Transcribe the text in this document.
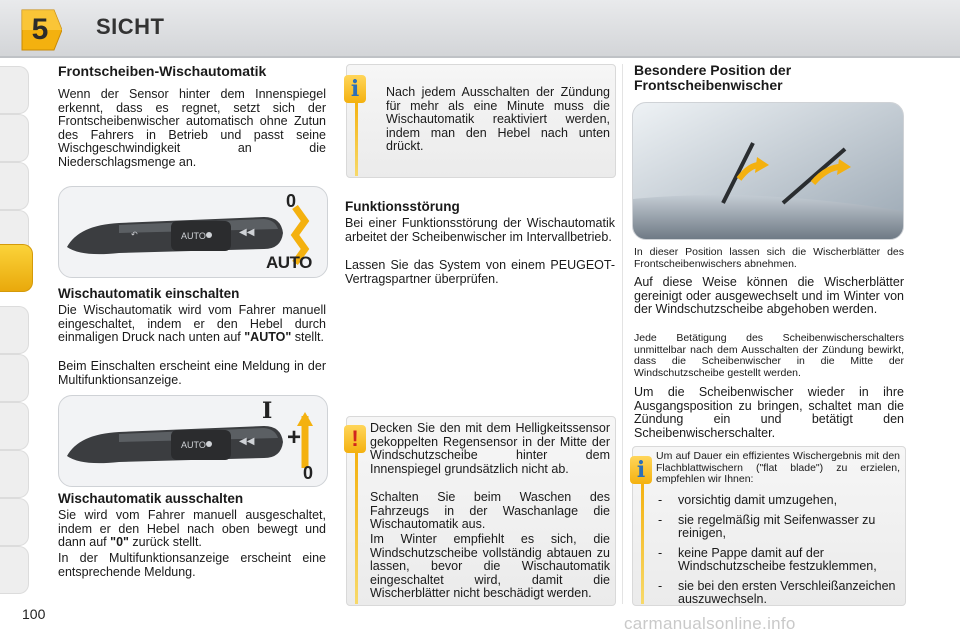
5	SICHT
Frontscheiben-Wischautomatik
Wenn der Sensor hinter dem Innenspiegel erkennt, dass es regnet, setzt sich der Frontscheibenwischer automatisch ohne Zutun des Fahrers in Betrieb und passt seine Wischgeschwindigkeit an die Niederschlagsmenge an.
AUTO
↶	◀◀
0
AUTO
Wischautomatik einschalten
Die Wischautomatik wird vom Fahrer manuell eingeschaltet, indem er den Hebel durch einmaligen Druck nach unten auf "AUTO" stellt.
Beim Einschalten erscheint eine Meldung in der Multifunktionsanzeige.
AUTO	◀◀
I
+
0
Wischautomatik ausschalten
Sie wird vom Fahrer manuell ausgeschaltet, indem er den Hebel nach oben bewegt und dann auf "0" zurück stellt.
In der Multifunktionsanzeige erscheint eine entsprechende Meldung.
i	Nach jedem Ausschalten der Zündung für mehr als eine Minute muss die Wischautomatik reaktiviert werden, indem man den Hebel nach unten drückt.
Funktionsstörung
Bei einer Funktionsstörung der Wischautomatik arbeitet der Scheibenwischer im Intervallbetrieb.
Lassen Sie das System von einem PEUGEOT-Vertragspartner überprüfen.
! Decken Sie den mit dem Helligkeitssensor gekoppelten Regensensor in der Mitte der Windschutzscheibe hinter dem Innenspiegel grundsätzlich nicht ab.
Schalten Sie beim Waschen des Fahrzeugs in der Waschanlage die Wischautomatik aus.
Im Winter empfiehlt es sich, die Windschutzscheibe vollständig abtauen zu lassen, bevor die Wischautomatik eingeschaltet wird, damit die Wischerblätter nicht beschädigt werden.
Besondere Position der Frontscheibenwischer
In dieser Position lassen sich die Wischerblätter des Frontscheibenwischers abnehmen.
Auf diese Weise können die Wischerblätter gereinigt oder ausgewechselt und im Winter von der Windschutzscheibe abgehoben werden.
Jede Betätigung des Scheibenwischerschalters unmittelbar nach dem Ausschalten der Zündung bewirkt, dass die Scheibenwischer in die Mitte der Windschutzscheibe gestellt werden.
Um die Scheibenwischer wieder in ihre Ausgangsposition zu bringen, schaltet man die Zündung ein und betätigt den Scheibenwischerschalter.
i
Um auf Dauer ein effizientes Wischergebnis mit den Flachblattwischern ("flat blade") zu erzielen, empfehlen wir Ihnen:
- vorsichtig damit umzugehen,
- sie regelmäßig mit Seifenwasser zu reinigen,
- keine Pappe damit auf der Windschutzscheibe festzuklemmen,
- sie bei den ersten Verschleißanzeichen auszuwechseln.
100	carmanualsonline.info
